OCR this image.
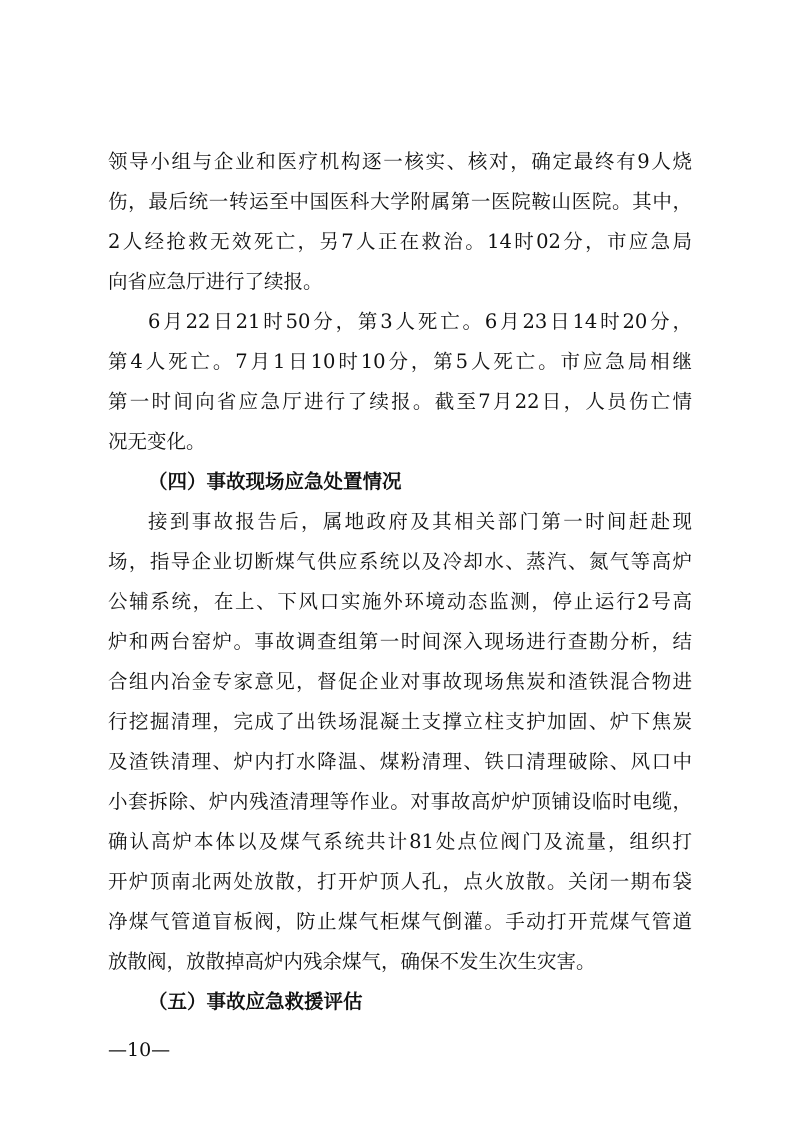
领导小组与企业和医疗机构逐一核实、核对，确定最终有9人烧
伤，最后统一转运至中国医科大学附属第一医院鞍山医院。其中，
2人经抢救无效死亡，另7人正在救治。14时02分，市应急局
向省应急厅进行了续报。
6月22日21时50分，第3人死亡。6月23日14时20分，
第4人死亡。7月1日10时10分，第5人死亡。市应急局相继
第一时间向省应急厅进行了续报。截至7月22日，人员伤亡情
况无变化。
（四）事故现场应急处置情况
接到事故报告后，属地政府及其相关部门第一时间赶赴现
场，指导企业切断煤气供应系统以及冷却水、蒸汽、氮气等高炉
公辅系统，在上、下风口实施外环境动态监测，停止运行2号高
炉和两台窑炉。事故调查组第一时间深入现场进行查勘分析，结
合组内冶金专家意见，督促企业对事故现场焦炭和渣铁混合物进
行挖掘清理，完成了出铁场混凝土支撑立柱支护加固、炉下焦炭
及渣铁清理、炉内打水降温、煤粉清理、铁口清理破除、风口中
小套拆除、炉内残渣清理等作业。对事故高炉炉顶铺设临时电缆，
确认高炉本体以及煤气系统共计81处点位阀门及流量，组织打
开炉顶南北两处放散，打开炉顶人孔，点火放散。关闭一期布袋
净煤气管道盲板阀，防止煤气柜煤气倒灌。手动打开荒煤气管道
放散阀，放散掉高炉内残余煤气，确保不发生次生灾害。
（五）事故应急救援评估
—10—
